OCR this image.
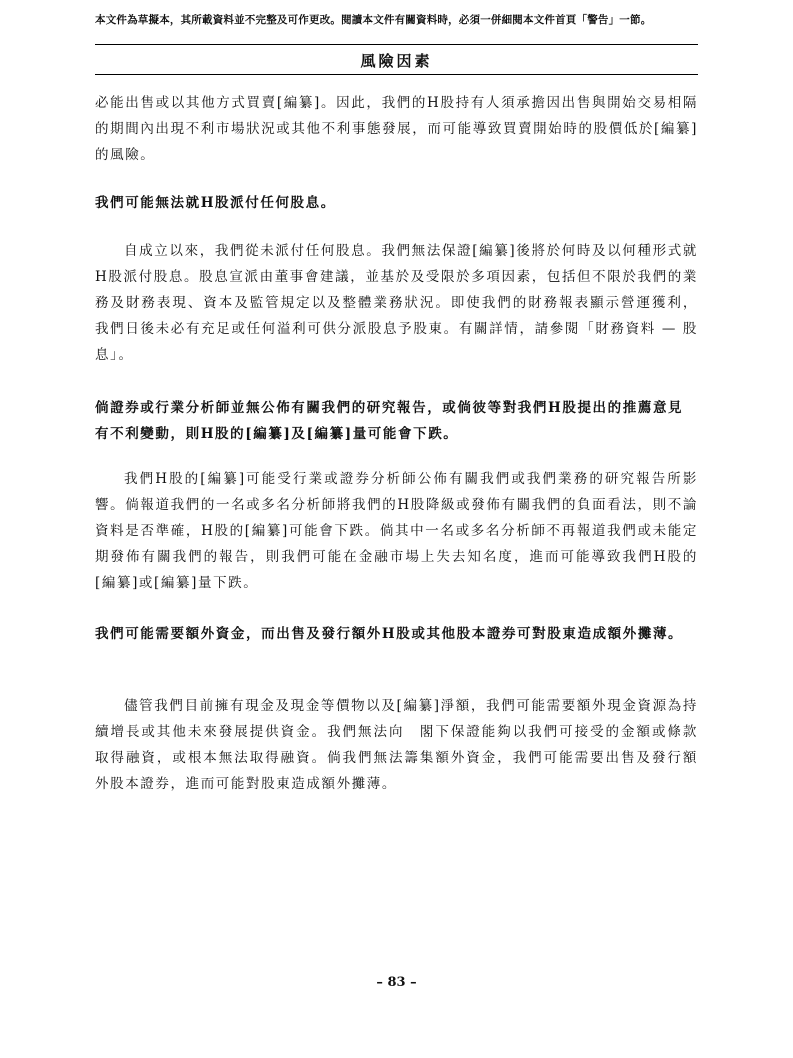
本文件為草擬本，其所載資料並不完整及可作更改。閱讀本文件有關資料時，必須一併細閱本文件首頁「警告」一節。
風險因素
必能出售或以其他方式買賣[編纂]。因此，我們的H股持有人須承擔因出售與開始交易相隔的期間內出現不利市場狀況或其他不利事態發展，而可能導致買賣開始時的股價低於[編纂]的風險。
我們可能無法就H股派付任何股息。
自成立以來，我們從未派付任何股息。我們無法保證[編纂]後將於何時及以何種形式就H股派付股息。股息宣派由董事會建議，並基於及受限於多項因素，包括但不限於我們的業務及財務表現、資本及監管規定以及整體業務狀況。即使我們的財務報表顯示營運獲利，我們日後未必有充足或任何溢利可供分派股息予股東。有關詳情，請參閱「財務資料 — 股息」。
倘證券或行業分析師並無公佈有關我們的研究報告，或倘彼等對我們H股提出的推薦意見有不利變動，則H股的[編纂]及[編纂]量可能會下跌。
我們H股的[編纂]可能受行業或證券分析師公佈有關我們或我們業務的研究報告所影響。倘報道我們的一名或多名分析師將我們的H股降級或發佈有關我們的負面看法，則不論資料是否準確，H股的[編纂]可能會下跌。倘其中一名或多名分析師不再報道我們或未能定期發佈有關我們的報告，則我們可能在金融市場上失去知名度，進而可能導致我們H股的[編纂]或[編纂]量下跌。
我們可能需要額外資金，而出售及發行額外H股或其他股本證券可對股東造成額外攤薄。
儘管我們目前擁有現金及現金等價物以及[編纂]淨額，我們可能需要額外現金資源為持續增長或其他未來發展提供資金。我們無法向　閣下保證能夠以我們可接受的金額或條款取得融資，或根本無法取得融資。倘我們無法籌集額外資金，我們可能需要出售及發行額外股本證券，進而可能對股東造成額外攤薄。
– 83 –
